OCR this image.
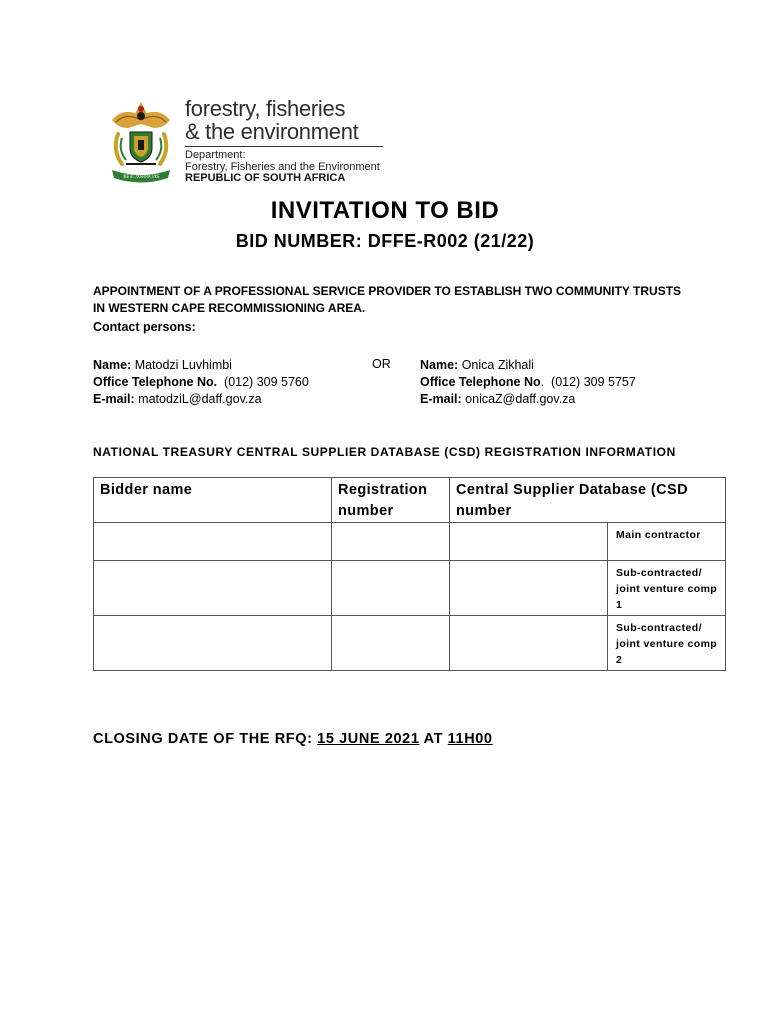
!KE E: /XARRA //KE
forestry, fisheries
& the environment
Department:
Forestry, Fisheries and the Environment
REPUBLIC OF SOUTH AFRICA
INVITATION TO BID
BID NUMBER: DFFE-R002 (21/22)
APPOINTMENT OF A PROFESSIONAL SERVICE PROVIDER TO ESTABLISH TWO COMMUNITY TRUSTS IN WESTERN CAPE RECOMMISSIONING AREA.
Contact persons:
Name: Matodzi Luvhimbi
Office Telephone No.  (012) 309 5760
E-mail: matodziL@daff.gov.za
OR Name: Onica Zikhali
Office Telephone No.  (012) 309 5757
E-mail: onicaZ@daff.gov.za
NATIONAL TREASURY CENTRAL SUPPLIER DATABASE (CSD) REGISTRATION INFORMATION
Bidder name	Registration number	Central Supplier Database (CSD number	
			Main contractor
			Sub-contracted/ joint venture comp 1
			Sub-contracted/ joint venture comp 2
CLOSING DATE OF THE RFQ: 15 JUNE 2021 AT 11H00
